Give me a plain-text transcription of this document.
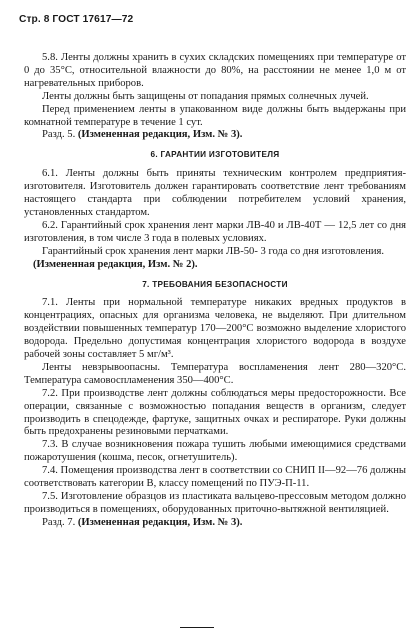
Стр. 8 ГОСТ 17617—72

5.8. Ленты должны хранить в сухих складских помещениях при температуре от 0 до 35°С, относительной влажности до 80%, на расстоянии не менее 1,0 м от нагревательных приборов.

Ленты должны быть защищены от попадания прямых солнечных лучей.

Перед применением ленты в упакованном виде должны быть выдержаны при комнатной температуре в течение 1 сут.

Разд. 5. (Измененная редакция, Изм. № 3).

6. ГАРАНТИИ ИЗГОТОВИТЕЛЯ

6.1. Ленты должны быть приняты техническим контролем предприятия-изготовителя. Изготовитель должен гарантировать соответствие лент требованиям настоящего стандарта при соблюдении потребителем условий хранения, установленных стандартом.

6.2. Гарантийный срок хранения лент марки ЛВ-40 и ЛВ-40Т — 12,5 лет со дня изготовления, в том числе 3 года в полевых условиях.

Гарантийный срок хранения лент марки ЛВ-50- 3 года со дня изготовления.

(Измененная редакция, Изм. № 2).

7. ТРЕБОВАНИЯ БЕЗОПАСНОСТИ

7.1. Ленты при нормальной температуре никаких вредных продуктов в концентрациях, опасных для организма человека, не выделяют. При длительном воздействии повышенных температур 170—200°С возможно выделение хлористого водорода. Предельно допустимая концентрация хлористого водорода в воздухе рабочей зоны составляет 5 мг/м³.

Ленты невзрывоопасны. Температура воспламенения лент 280—320°С. Температура самовоспламенения 350—400°С.

7.2. При производстве лент должны соблюдаться меры предосторожности. Все операции, связанные с возможностью попадания веществ в организм, следует производить в спецодежде, фартуке, защитных очках и респираторе. Руки должны быть предохранены резиновыми перчатками.

7.3. В случае возникновения пожара тушить любыми имеющимися средствами пожаротушения (кошма, песок, огнетушитель).

7.4. Помещения производства лент в соответствии со СНИП II—92—76 должны соответствовать категории В, классу помещений по ПУЭ-П-11.

7.5. Изготовление образцов из пластиката вальцево-прессовым методом должно производиться в помещениях, оборудованных приточно-вытяжной вентиляцией.

Разд. 7. (Измененная редакция, Изм. № 3).
